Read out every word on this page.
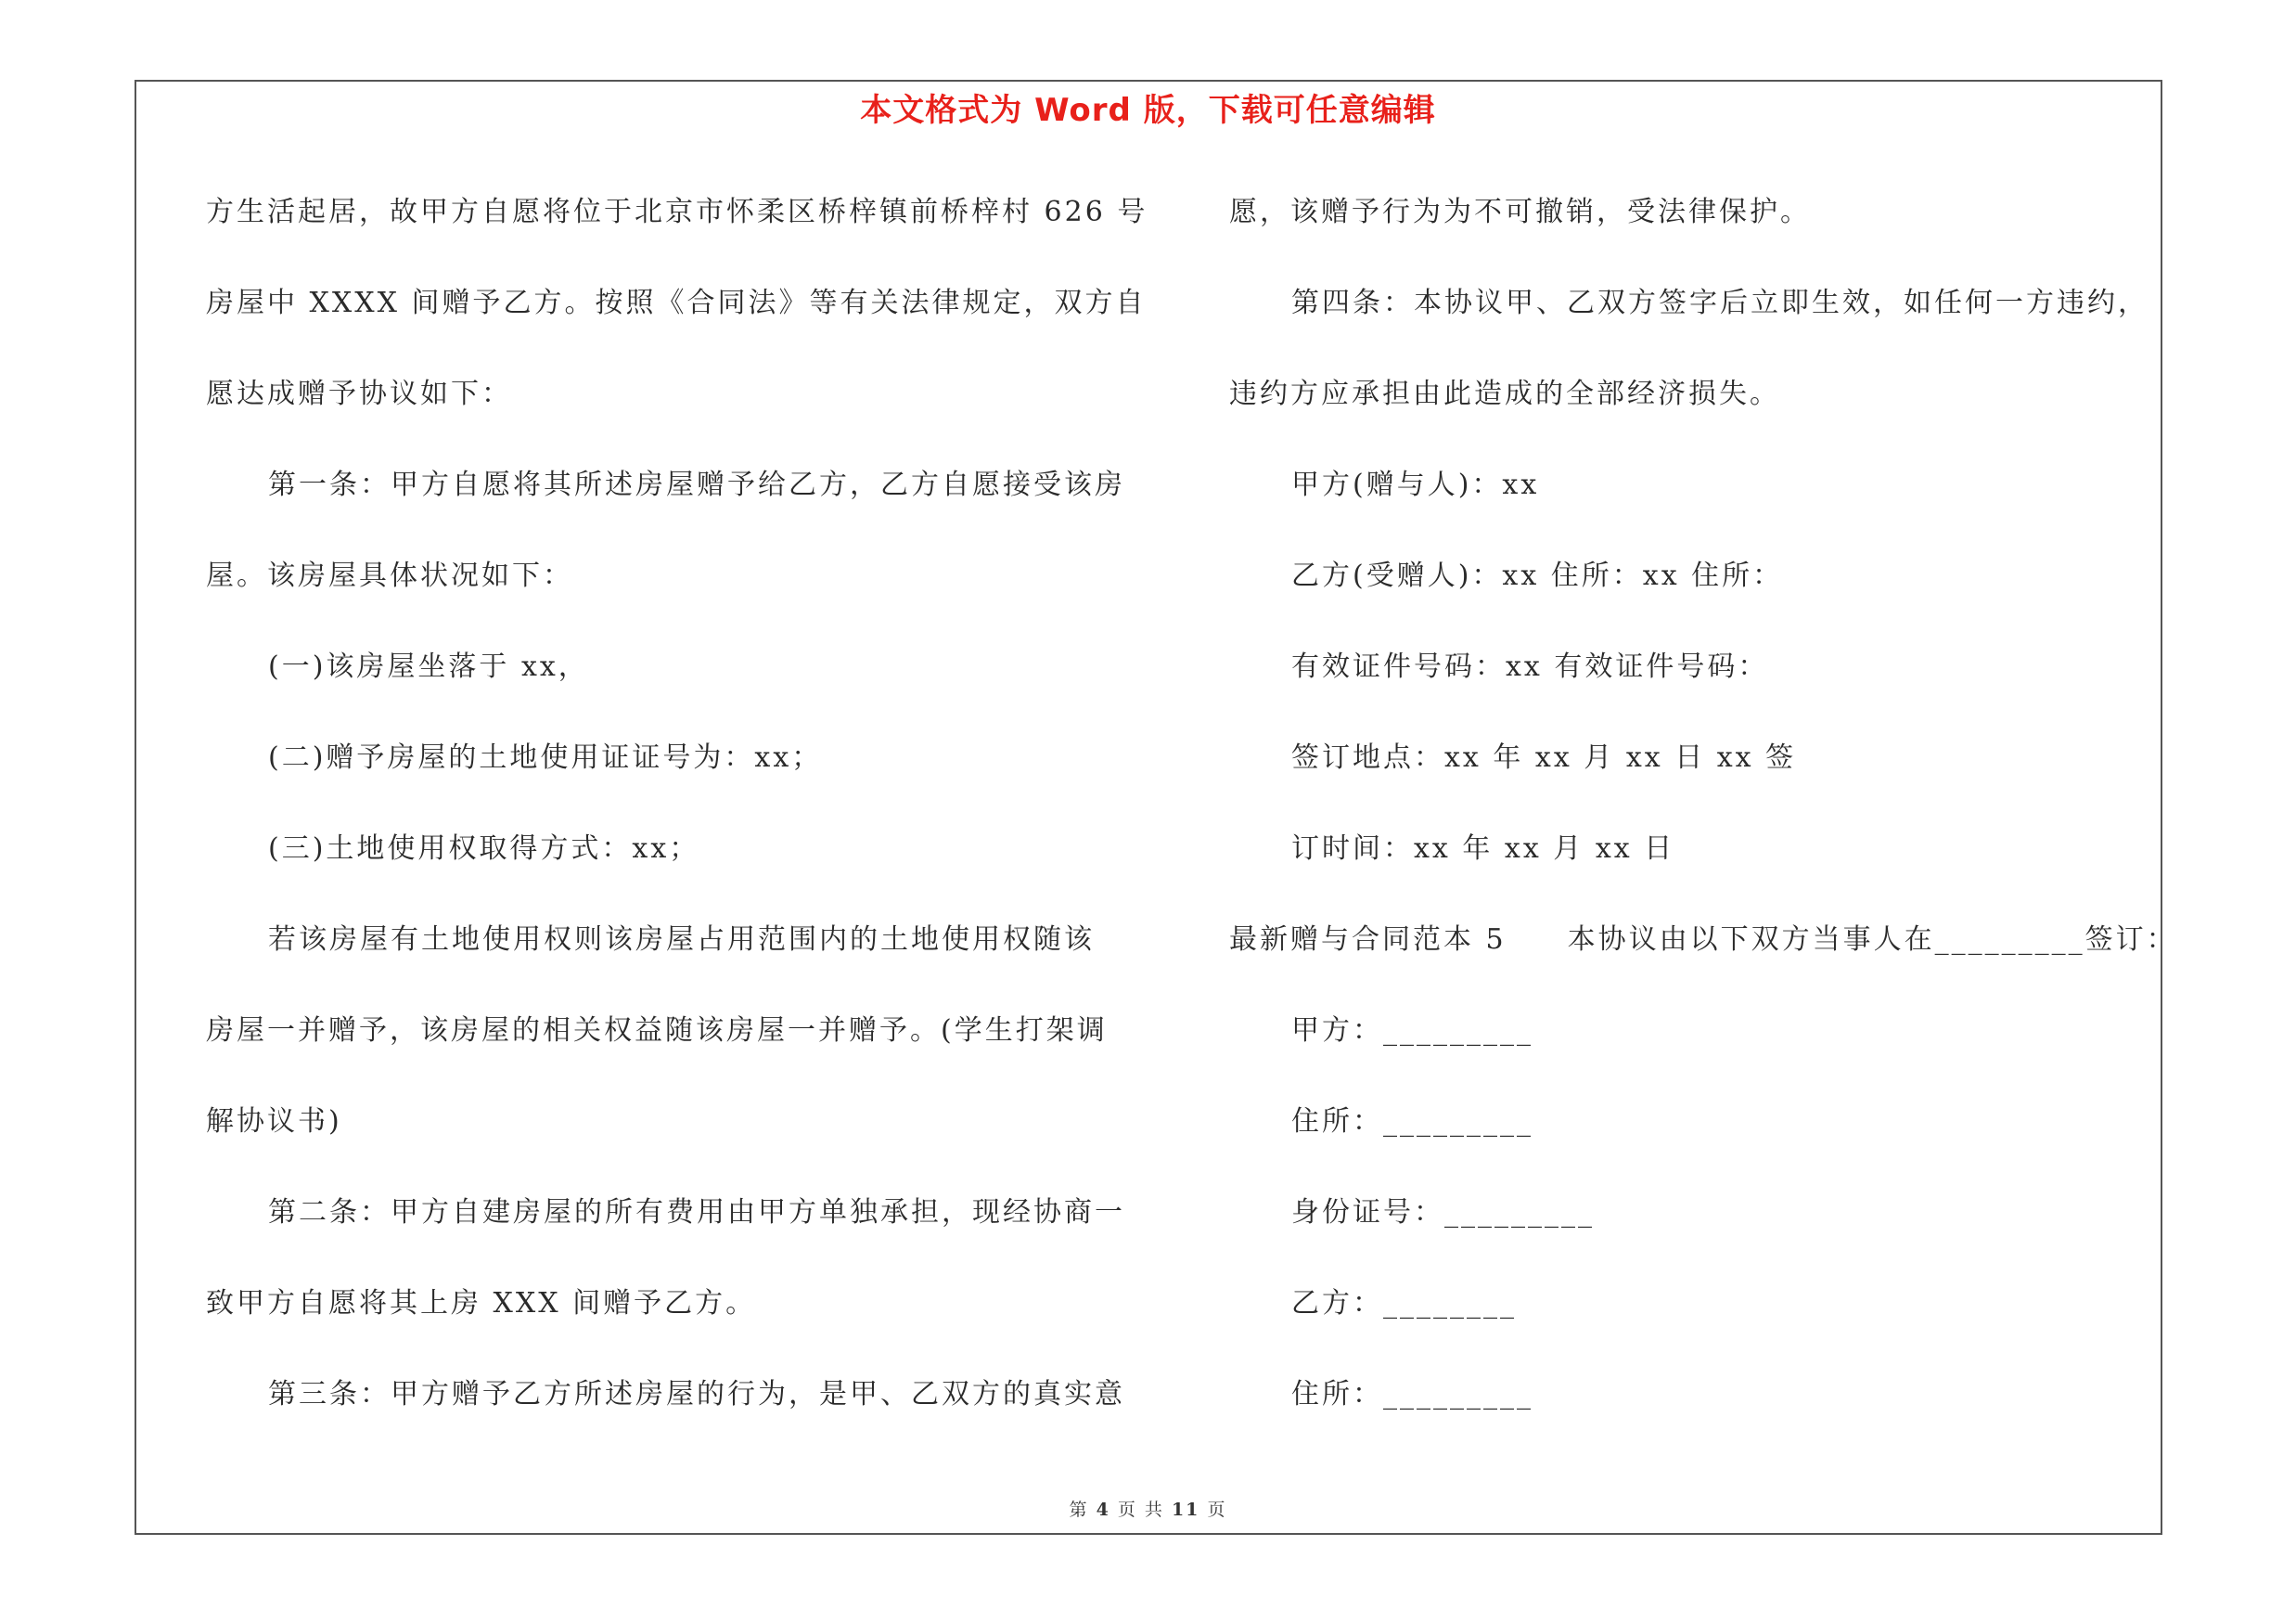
本文格式为 Word 版，下载可任意编辑
方生活起居，故甲方自愿将位于北京市怀柔区桥梓镇前桥梓村 626 号
房屋中 XXXX 间赠予乙方。按照《合同法》等有关法律规定，双方自
愿达成赠予协议如下：
第一条：甲方自愿将其所述房屋赠予给乙方，乙方自愿接受该房
屋。该房屋具体状况如下：
(一)该房屋坐落于 xx，
(二)赠予房屋的土地使用证证号为：xx；
(三)土地使用权取得方式：xx；
若该房屋有土地使用权则该房屋占用范围内的土地使用权随该
房屋一并赠予，该房屋的相关权益随该房屋一并赠予。(学生打架调
解协议书)
第二条：甲方自建房屋的所有费用由甲方单独承担，现经协商一
致甲方自愿将其上房 XXX 间赠予乙方。
第三条：甲方赠予乙方所述房屋的行为，是甲、乙双方的真实意
愿，该赠予行为为不可撤销，受法律保护。
第四条：本协议甲、乙双方签字后立即生效，如任何一方违约，
违约方应承担由此造成的全部经济损失。
甲方(赠与人)：xx
乙方(受赠人)：xx 住所：xx 住所：
有效证件号码：xx 有效证件号码：
签订地点：xx 年 xx 月 xx 日 xx 签
订时间：xx 年 xx 月 xx 日
最新赠与合同范本 5　　本协议由以下双方当事人在_________签订：
甲方：_________
住所：_________
身份证号：_________
乙方：________
住所：_________
第 4 页 共 11 页
